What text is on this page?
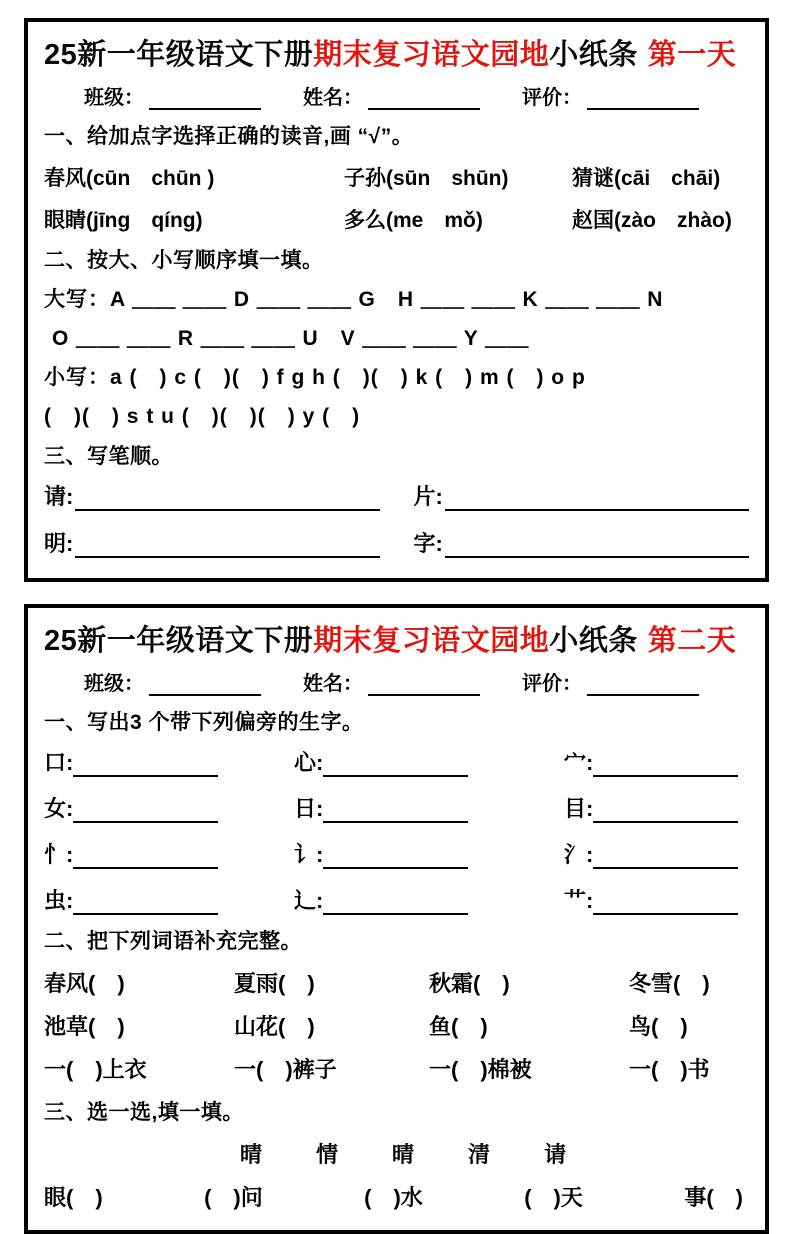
25新一年级语文下册期末复习语文园地小纸条 第一天
班级：	姓名：	评价：
一、给加点字选择正确的读音,画 “√”。
春风(cūn　chūn )	子孙(sūn　shūn)	猜谜(cāi　chāi)
眼睛(jīng　qíng)	多么(me　mǒ)	赵国(zào　zhào)
二、按大、小写顺序填一填。
大写：A ＿＿ ＿＿ D ＿＿ ＿＿ G　H ＿＿ ＿＿ K ＿＿ ＿＿ N
O ＿＿ ＿＿ R ＿＿ ＿＿ U　V ＿＿ ＿＿ Y ＿＿
小写：a (　) c (　)(　) f g h (　)(　) k (　) m (　) o p
(　)(　) s t u (　)(　)(　) y (　)
三、写笔顺。
请:	片:
明:	字:
25新一年级语文下册期末复习语文园地小纸条 第二天
班级：	姓名：	评价：
一、写出3 个带下列偏旁的生字。
口:	心:	宀:
女:	日:	目:
忄:	讠:	氵:
虫:	辶:	艹:
二、把下列词语补充完整。
春风(　)	夏雨(　)	秋霜(　)	冬雪(　)
池草(　)	山花(　)	鱼(　)	鸟(　)
一(　)上衣	一(　)裤子	一(　)棉被	一(　)书
三、选一选,填一填。
晴 情 晴 清 请
眼(　)	(　)问	(　)水	(　)天	事(　)
